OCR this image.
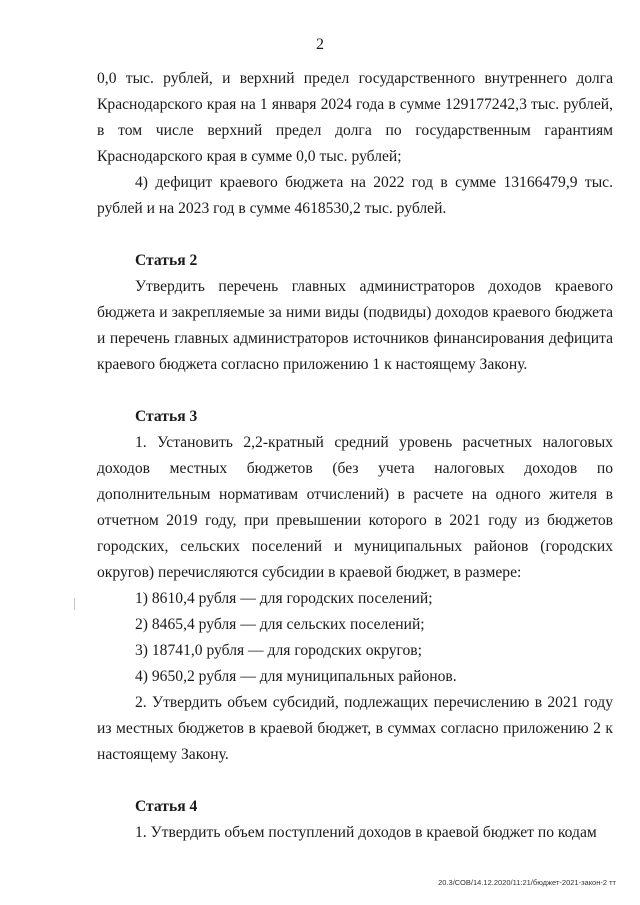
2

0,0 тыс. рублей, и верхний предел государственного внутреннего долга Краснодарского края на 1 января 2024 года в сумме 129177242,3 тыс. рублей, в том числе верхний предел долга по государственным гарантиям Краснодарского края в сумме 0,0 тыс. рублей;

4) дефицит краевого бюджета на 2022 год в сумме 13166479,9 тыс. рублей и на 2023 год в сумме 4618530,2 тыс. рублей.

Статья 2

Утвердить перечень главных администраторов доходов краевого бюджета и закрепляемые за ними виды (подвиды) доходов краевого бюджета и перечень главных администраторов источников финансирования дефицита краевого бюджета согласно приложению 1 к настоящему Закону.

Статья 3

1. Установить 2,2-кратный средний уровень расчетных налоговых доходов местных бюджетов (без учета налоговых доходов по дополнительным нормативам отчислений) в расчете на одного жителя в отчетном 2019 году, при превышении которого в 2021 году из бюджетов городских, сельских поселений и муниципальных районов (городских округов) перечисляются субсидии в краевой бюджет, в размере:

1) 8610,4 рубля — для городских поселений;

2) 8465,4 рубля — для сельских поселений;

3) 18741,0 рубля — для городских округов;

4) 9650,2 рубля — для муниципальных районов.

2. Утвердить объем субсидий, подлежащих перечислению в 2021 году из местных бюджетов в краевой бюджет, в суммах согласно приложению 2 к настоящему Закону.

Статья 4

1. Утвердить объем поступлений доходов в краевой бюджет по кодам

20.3/СОВ/14.12.2020/11:21/бюджет-2021-закон-2 тт
